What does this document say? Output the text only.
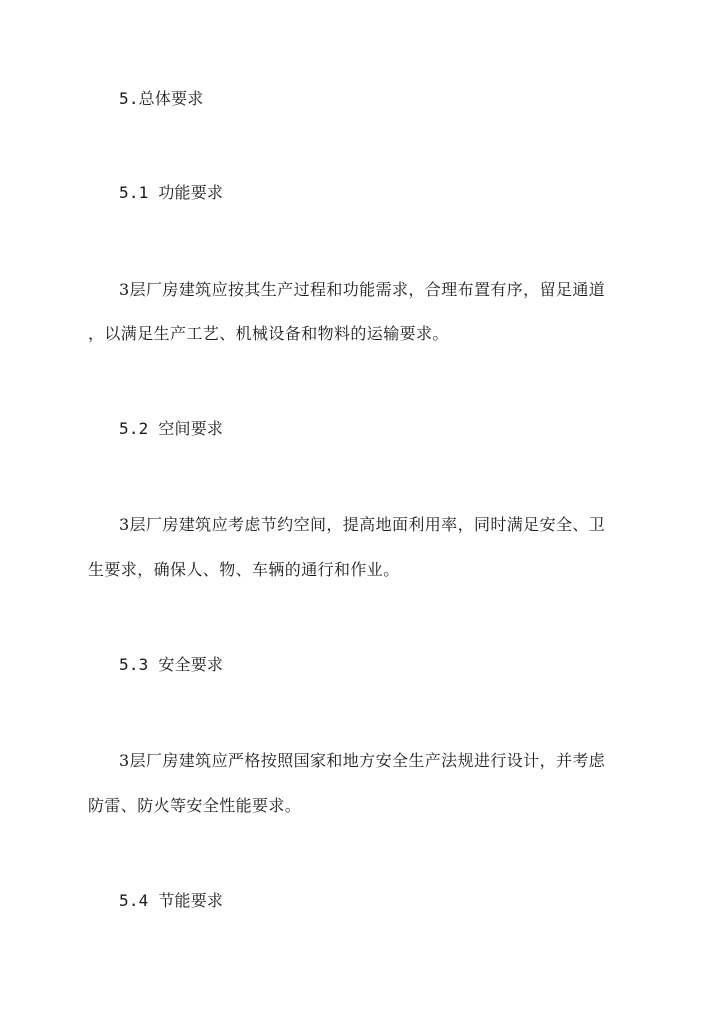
5.总体要求
5.1 功能要求
3层厂房建筑应按其生产过程和功能需求，合理布置有序，留足通道
，以满足生产工艺、机械设备和物料的运输要求。
5.2 空间要求
3层厂房建筑应考虑节约空间，提高地面利用率，同时满足安全、卫
生要求，确保人、物、车辆的通行和作业。
5.3 安全要求
3层厂房建筑应严格按照国家和地方安全生产法规进行设计，并考虑
防雷、防火等安全性能要求。
5.4 节能要求
